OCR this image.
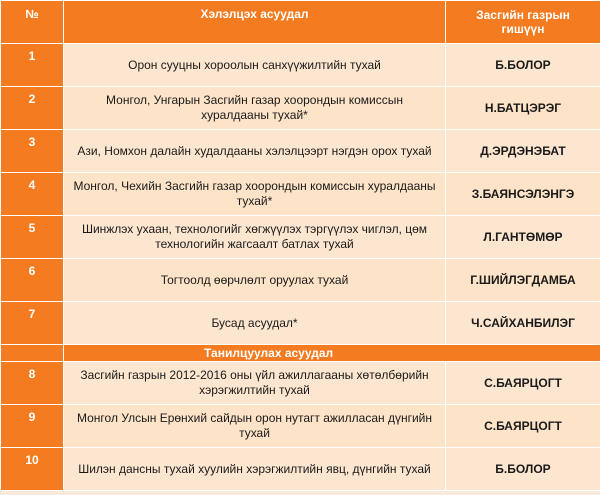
№	Хэлэлцэх асуудал	Засгийн газрын гишүүн
1	Орон сууцны хороолын санхүүжилтийн тухай	Б.БОЛОР
2	Монгол, Унгарын Засгийн газар хоорондын комиссын хуралдааны тухай*	Н.БАТЦЭРЭГ
3	Ази, Номхон далайн худалдааны хэлэлцээрт нэгдэн орох тухай	Д.ЭРДЭНЭБАТ
4	Монгол, Чехийн Засгийн газар хоорондын комиссын хуралдааны тухай*	З.БАЯНСЭЛЭНГЭ
5	Шинжлэх ухаан, технологийг хөгжүүлэх тэргүүлэх чиглэл, цөм технологийн жагсаалт батлах тухай	Л.ГАНТӨМӨР
6	Тогтоолд өөрчлөлт оруулах тухай	Г.ШИЙЛЭГДАМБА
7	Бусад асуудал*	Ч.САЙХАНБИЛЭГ
	Танилцуулах асуудал	
8	Засгийн газрын 2012-2016 оны үйл ажиллагааны хөтөлбөрийн хэрэгжилтийн тухай	С.БАЯРЦОГТ
9	Монгол Улсын Ерөнхий сайдын орон нутагт ажилласан дүнгийн тухай	С.БАЯРЦОГТ
10	Шилэн дансны тухай хуулийн хэрэгжилтийн явц, дүнгийн тухай	Б.БОЛОР
